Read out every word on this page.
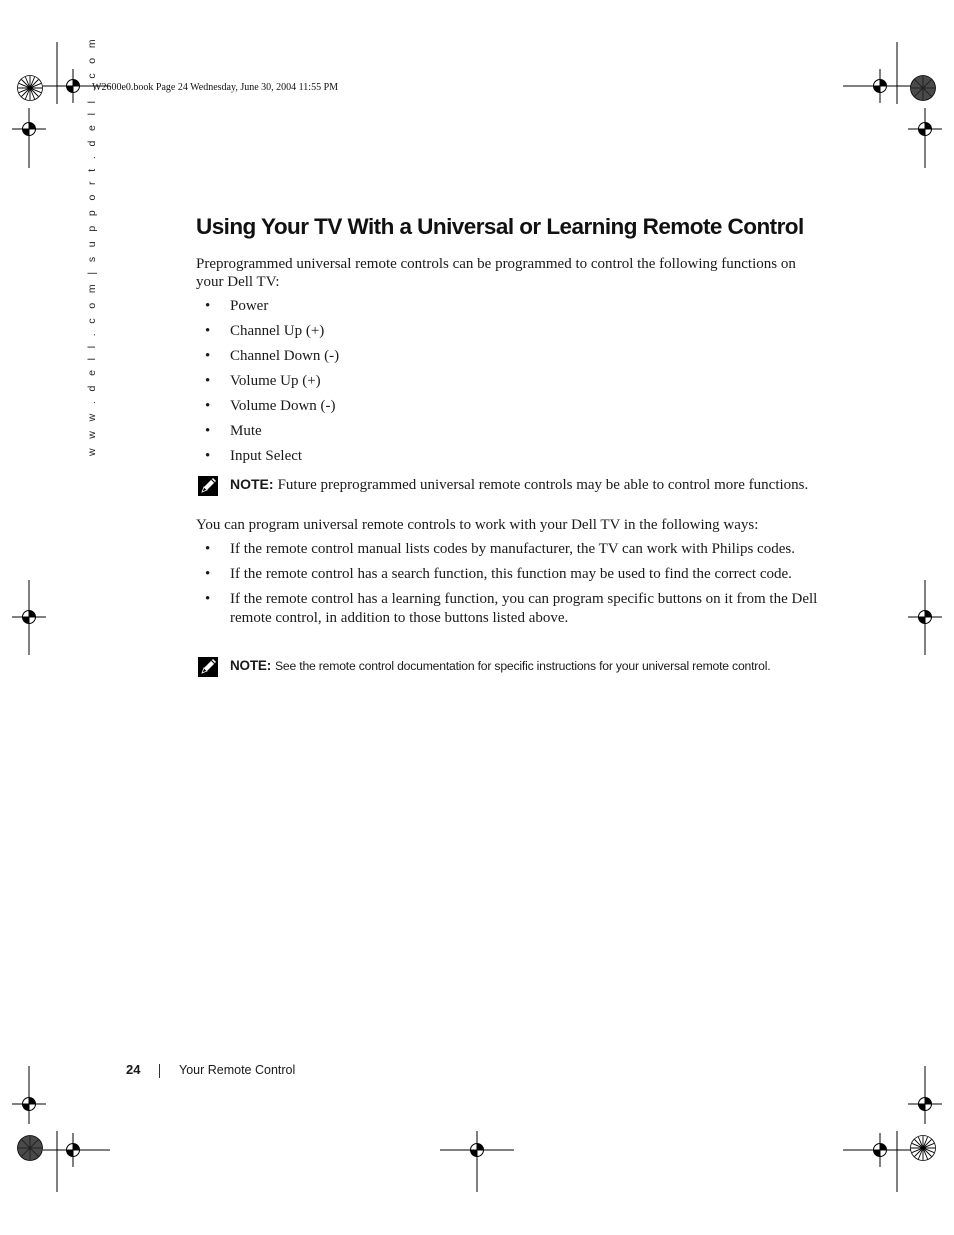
W2600e0.book Page 24 Wednesday, June 30, 2004 11:55 PM
w w w . d e l l . c o m | s u p p o r t . d e l l . c o m	Using Your TV With a Universal or Learning Remote Control

Preprogrammed universal remote controls can be programmed to control the following functions on your Dell TV:

• Power
• Channel Up (+)
• Channel Down (-)
• Volume Up (+)
• Volume Down (-)
• Mute
• Input Select
NOTE: Future preprogrammed universal remote controls may be able to control more functions.

You can program universal remote controls to work with your Dell TV in the following ways:

• If the remote control manual lists codes by manufacturer, the TV can work with Philips codes.
• If the remote control has a search function, this function may be used to find the correct code.
• If the remote control has a learning function, you can program specific buttons on it from the Dell remote control, in addition to those buttons listed above.
NOTE: See the remote control documentation for specific instructions for your universal remote control.
24	Your Remote Control
